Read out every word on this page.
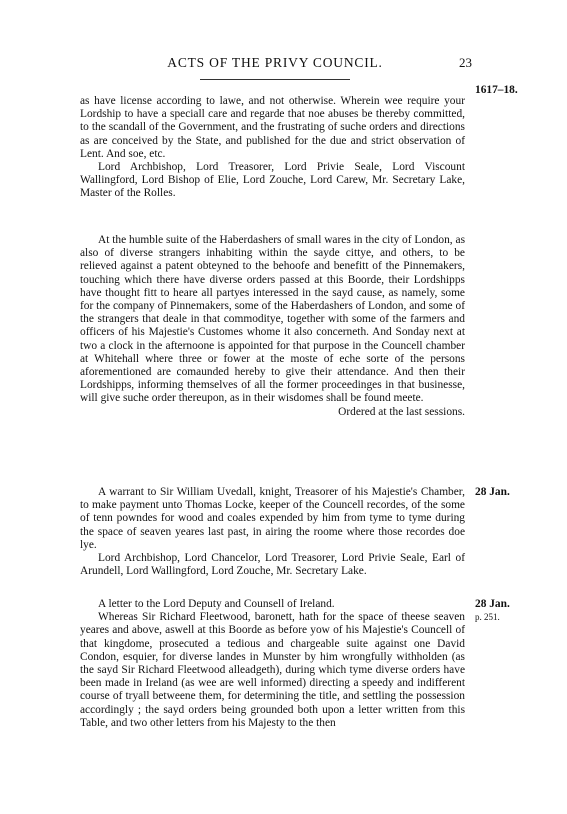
ACTS OF THE PRIVY COUNCIL.	23
1617–18.

as have license according to lawe, and not otherwise. Wherein wee require your Lordship to have a speciall care and regarde that noe abuses be thereby committed, to the scandall of the Government, and the frustrating of suche orders and directions as are conceived by the State, and published for the due and strict observation of Lent. And soe, etc.

Lord Archbishop, Lord Treasorer, Lord Privie Seale, Lord Viscount Wallingford, Lord Bishop of Elie, Lord Zouche, Lord Carew, Mr. Secretary Lake, Master of the Rolles.

At the humble suite of the Haberdashers of small wares in the city of London, as also of diverse strangers inhabiting within the sayde cittye, and others, to be relieved against a patent obteyned to the behoofe and benefitt of the Pinnemakers, touching which there have diverse orders passed at this Boorde, their Lordshipps have thought fitt to heare all partyes interessed in the sayd cause, as namely, some for the company of Pinnemakers, some of the Haberdashers of London, and some of the strangers that deale in that commoditye, together with some of the farmers and officers of his Majestie's Customes whome it also concerneth. And Sonday next at two a clock in the afternoone is appointed for that purpose in the Councell chamber at Whitehall where three or fower at the moste of eche sorte of the persons aforementioned are comaunded hereby to give their attendance. And then their Lordshipps, informing themselves of all the former proceedinges in that businesse, will give suche order thereupon, as in their wisdomes shall be found meete.

Ordered at the last sessions.

28 Jan.

A warrant to Sir William Uvedall, knight, Treasorer of his Majestie's Chamber, to make payment unto Thomas Locke, keeper of the Councell recordes, of the some of tenn powndes for wood and coales expended by him from tyme to tyme during the space of seaven yeares last past, in airing the roome where those recordes doe lye.

Lord Archbishop, Lord Chancelor, Lord Treasorer, Lord Privie Seale, Earl of Arundell, Lord Wallingford, Lord Zouche, Mr. Secretary Lake.

28 Jan.
p. 251.

A letter to the Lord Deputy and Counsell of Ireland.

Whereas Sir Richard Fleetwood, baronett, hath for the space of theese seaven yeares and above, aswell at this Boorde as before yow of his Majestie's Councell of that kingdome, prosecuted a tedious and chargeable suite against one David Condon, esquier, for diverse landes in Munster by him wrongfully withholden (as the sayd Sir Richard Fleetwood alleadgeth), during which tyme diverse orders have been made in Ireland (as wee are well informed) directing a speedy and indifferent course of tryall betweene them, for determining the title, and settling the possession accordingly ; the sayd orders being grounded both upon a letter written from this Table, and two other letters from his Majesty to the then
